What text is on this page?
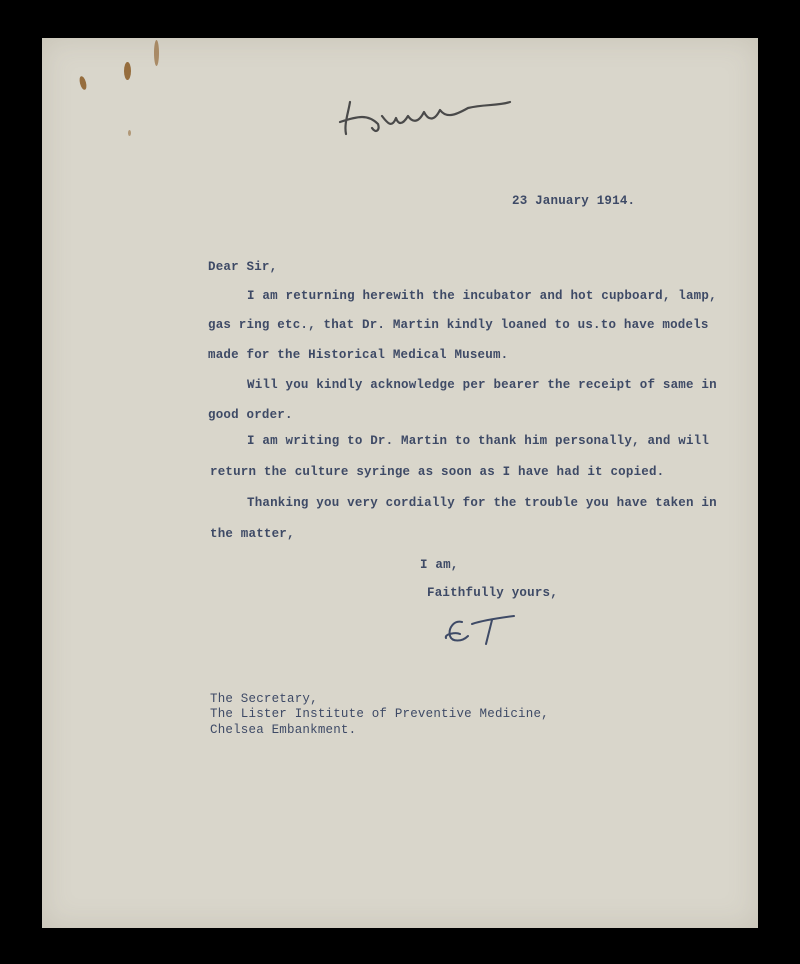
23 January 1914.
Dear Sir,
I am returning herewith the incubator and hot cupboard, lamp,
gas ring etc., that Dr. Martin kindly loaned to us.to have models
made for the Historical Medical Museum.
Will you kindly acknowledge per bearer the receipt of same in
good order.
I am writing to Dr. Martin to thank him personally, and will
return the culture syringe as soon as I have had it copied.
Thanking you very cordially for the trouble you have taken in
the matter,
I am,
Faithfully yours,
The Secretary,
The Lister Institute of Preventive Medicine,
Chelsea Embankment.
